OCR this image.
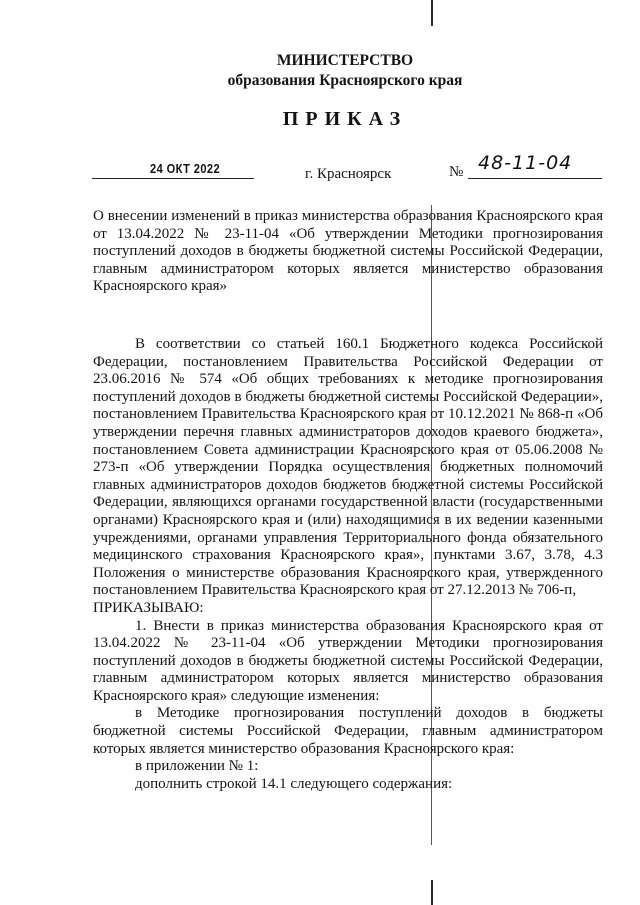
МИНИСТЕРСТВО
образования Красноярского края
ПРИКАЗ
24 ОКТ 2022	г. Красноярск	№ 48-11-04

О внесении изменений в приказ министерства образования Красноярского края от 13.04.2022 № 23-11-04 «Об утверждении Методики прогнозирования поступлений доходов в бюджеты бюджетной системы Российской Федерации, главным администратором которых является министерство образования Красноярского края»

В соответствии со статьей 160.1 Бюджетного кодекса Российской Федерации, постановлением Правительства Российской Федерации от 23.06.2016 № 574 «Об общих требованиях к методике прогнозирования поступлений доходов в бюджеты бюджетной системы Российской Федерации», постановлением Правительства Красноярского края от 10.12.2021 № 868-п «Об утверждении перечня главных администраторов доходов краевого бюджета», постановлением Совета администрации Красноярского края от 05.06.2008 № 273-п «Об утверждении Порядка осуществления бюджетных полномочий главных администраторов доходов бюджетов бюджетной системы Российской Федерации, являющихся органами государственной власти (государственными органами) Красноярского края и (или) находящимися в их ведении казенными учреждениями, органами управления Территориального фонда обязательного медицинского страхования Красноярского края», пунктами 3.67, 3.78, 4.3 Положения о министерстве образования Красноярского края, утвержденного постановлением Правительства Красноярского края от 27.12.2013 № 706-п,

ПРИКАЗЫВАЮ:

1. Внести в приказ министерства образования Красноярского края от 13.04.2022 № 23-11-04 «Об утверждении Методики прогнозирования поступлений доходов в бюджеты бюджетной системы Российской Федерации, главным администратором которых является министерство образования Красноярского края» следующие изменения:

в Методике прогнозирования поступлений доходов в бюджеты бюджетной системы Российской Федерации, главным администратором которых является министерство образования Красноярского края:

в приложении № 1:

дополнить строкой 14.1 следующего содержания:
